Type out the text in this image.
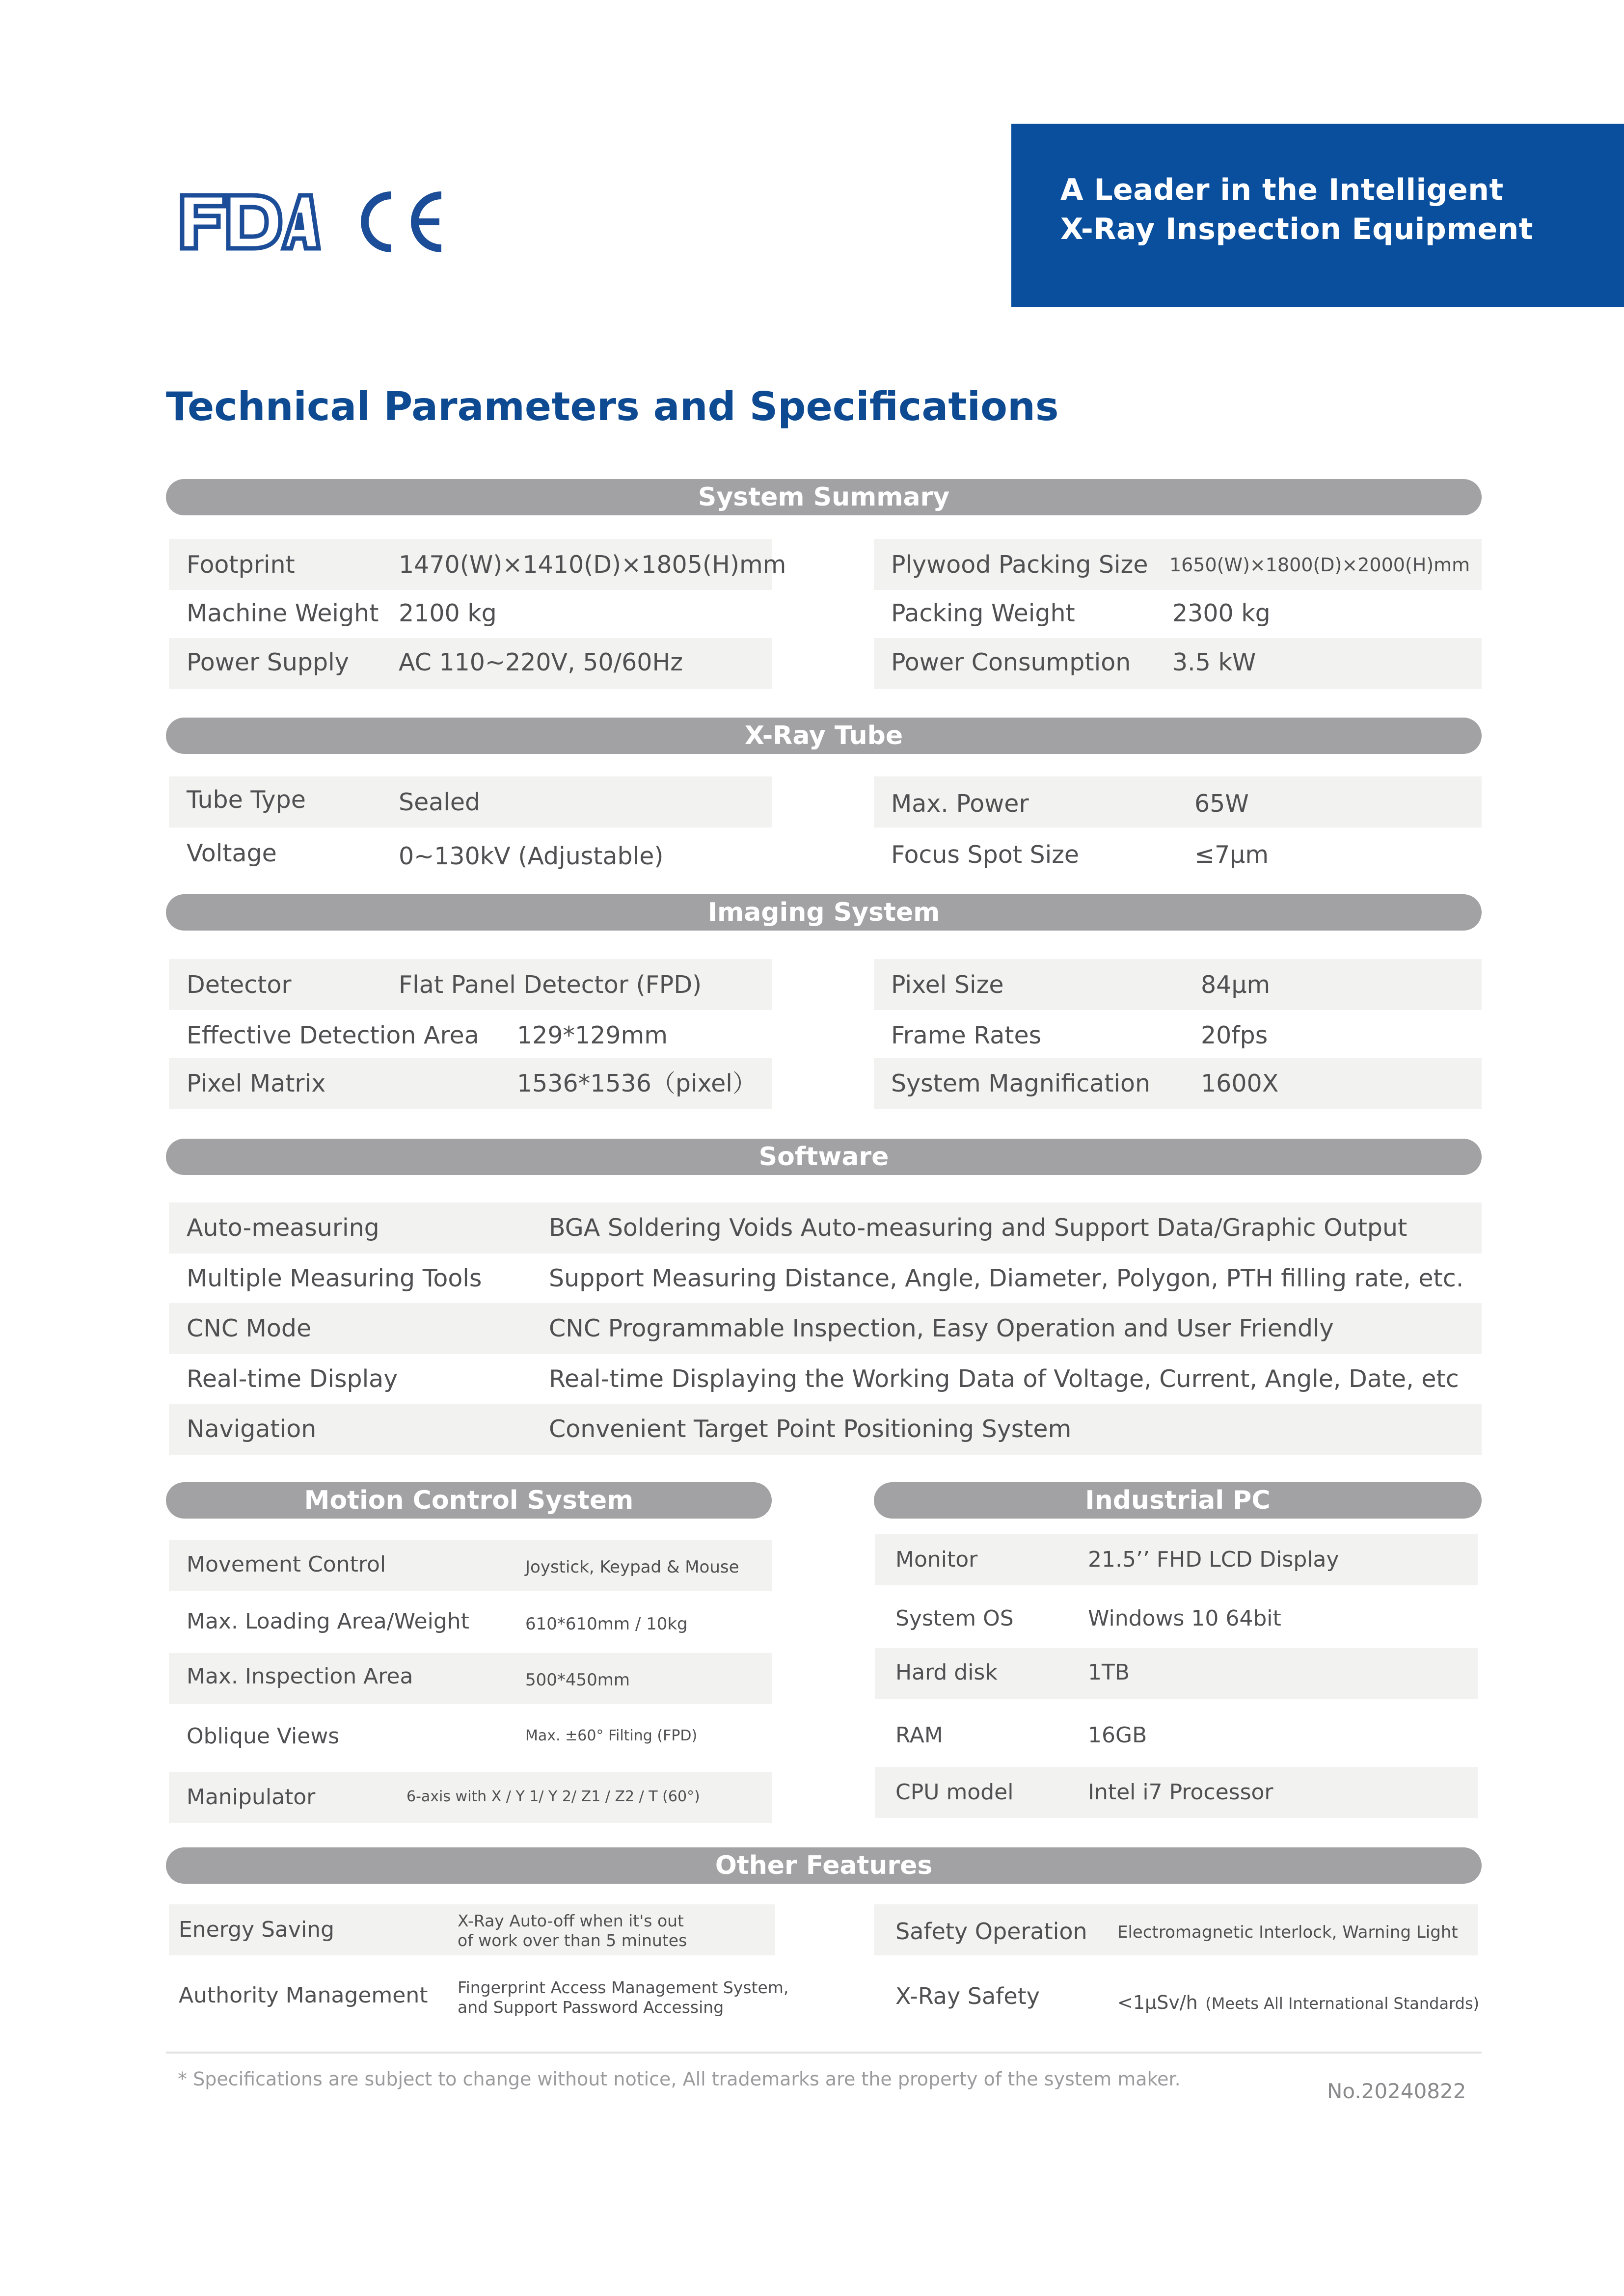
A Leader in the Intelligent
X-Ray Inspection Equipment
Technical Parameters and Specifications
System Summary
Footprint	1470(W)×1410(D)×1805(H)mm
Machine Weight 2100 kg
Power Supply AC 110~220V, 50/60Hz
Plywood Packing Size 1650(W)×1800(D)×2000(H)mm
Packing Weight	2300 kg
Power Consumption 3.5 kW
X-Ray Tube
Tube Type	Sealed
Voltage	0~130kV (Adjustable)
Max. Power	65W
Focus Spot Size	≤7μm
Imaging System
Detector	Flat Panel Detector (FPD)
Effective Detection Area 129*129mm
Pixel Matrix	1536*1536（pixel）
Pixel Size	84μm
Frame Rates	20fps
System Magnification 1600X
Software
Auto-measuring	BGA Soldering Voids Auto-measuring and Support Data/Graphic Output
Multiple Measuring Tools	Support Measuring Distance, Angle, Diameter, Polygon, PTH filling rate, etc.
CNC Mode	CNC Programmable Inspection, Easy Operation and User Friendly
Real-time Display	Real-time Displaying the Working Data of Voltage, Current, Angle, Date, etc
Navigation	Convenient Target Point Positioning System
Motion Control System	Industrial PC
Movement Control	Joystick, Keypad & Mouse
Max. Loading Area/Weight	610*610mm / 10kg
Max. Inspection Area	500*450mm
Oblique Views	Max. ±60° Filting (FPD)
Manipulator	6-axis with X / Y 1/ Y 2/ Z1 / Z2 / T (60°)
Monitor	21.5’’ FHD LCD Display
System OS	Windows 10 64bit
Hard disk	1TB
RAM	16GB
CPU model	Intel i7 Processor
Other Features
Energy Saving	X-Ray Auto-off when it's out
of work over than 5 minutes
Authority Management Fingerprint Access Management System,
and Support Password Accessing
Safety Operation Electromagnetic Interlock, Warning Light
X-Ray Safety	<1μSv/h (Meets All International Standards)
* Specifications are subject to change without notice, All trademarks are the property of the system maker.	No.20240822
